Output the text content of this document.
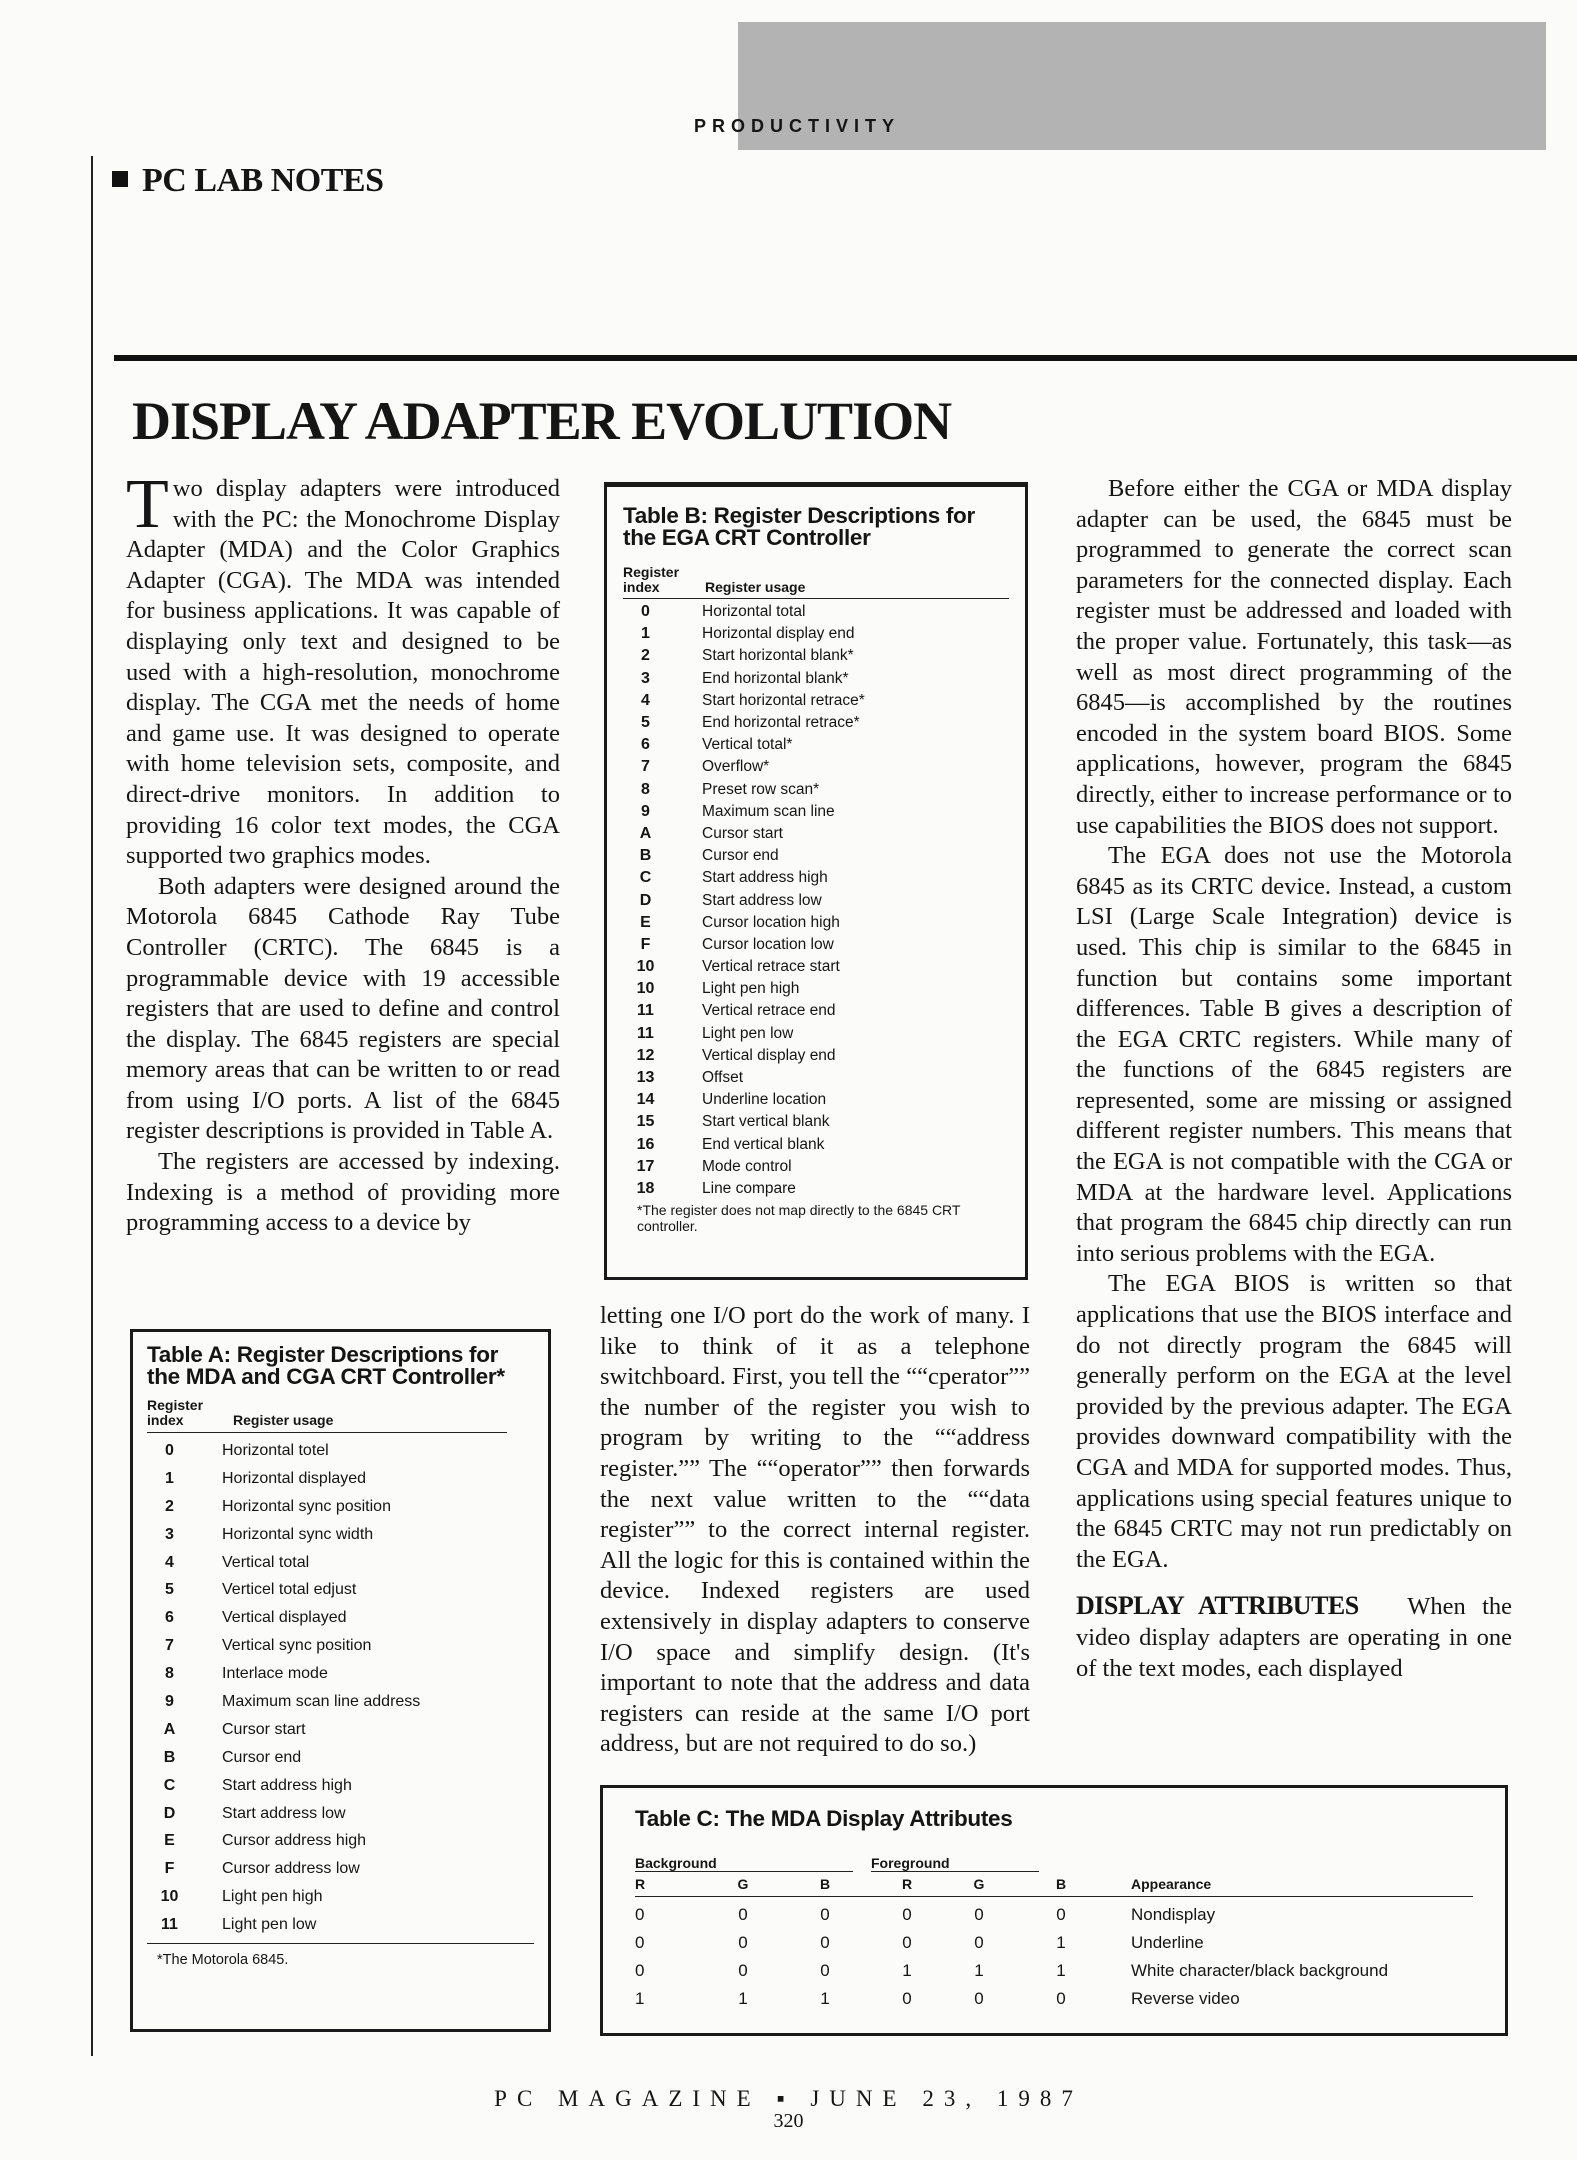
PRODUCTIVITY
PC LAB NOTES
DISPLAY ADAPTER EVOLUTION

Two display adapters were introduced with the PC: the Monochrome Display Adapter (MDA) and the Color Graphics Adapter (CGA). The MDA was intended for business applications. It was capable of displaying only text and designed to be used with a high-resolution, monochrome display. The CGA met the needs of home and game use. It was designed to operate with home television sets, composite, and direct-drive monitors. In addition to providing 16 color text modes, the CGA supported two graphics modes.

Both adapters were designed around the Motorola 6845 Cathode Ray Tube Controller (CRTC). The 6845 is a programmable device with 19 accessible registers that are used to define and control the display. The 6845 registers are special memory areas that can be written to or read from using I/O ports. A list of the 6845 register descriptions is provided in Table A.

The registers are accessed by indexing. Indexing is a method of providing more programming access to a device by

letting one I/O port do the work of many. I like to think of it as a telephone switchboard. First, you tell the ““cperator”” the number of the register you wish to program by writing to the ““address register.”” The ““operator”” then forwards the next value written to the ““data register”” to the correct internal register. All the logic for this is contained within the device. Indexed registers are used extensively in display adapters to conserve I/O space and simplify design. (It's important to note that the address and data registers can reside at the same I/O port address, but are not required to do so.)

Before either the CGA or MDA display adapter can be used, the 6845 must be programmed to generate the correct scan parameters for the connected display. Each register must be addressed and loaded with the proper value. Fortunately, this task—as well as most direct programming of the 6845—is accomplished by the routines encoded in the system board BIOS. Some applications, however, program the 6845 directly, either to increase performance or to use capabilities the BIOS does not support.

The EGA does not use the Motorola 6845 as its CRTC device. Instead, a custom LSI (Large Scale Integration) device is used. This chip is similar to the 6845 in function but contains some important differences. Table B gives a description of the EGA CRTC registers. While many of the functions of the 6845 registers are represented, some are missing or assigned different register numbers. This means that the EGA is not compatible with the CGA or MDA at the hardware level. Applications that program the 6845 chip directly can run into serious problems with the EGA.

The EGA BIOS is written so that applications that use the BIOS interface and do not directly program the 6845 will generally perform on the EGA at the level provided by the previous adapter. The EGA provides downward compatibility with the CGA and MDA for supported modes. Thus, applications using special features unique to the 6845 CRTC may not run predictably on the EGA.

DISPLAY ATTRIBUTES When the video display adapters are operating in one of the text modes, each displayed

Table A: Register Descriptions for the MDA and CGA CRT Controller*

Register index	Register usage
0	Horizontal totel
1	Horizontal displayed
2	Horizontal sync position
3	Horizontal sync width
4	Vertical total
5	Verticel total edjust
6	Vertical displayed
7	Vertical sync position
8	Interlace mode
9	Maximum scan line address
A	Cursor start
B	Cursor end
C	Start address high
D	Start address low
E	Cursor address high
F	Cursor address low
10	Light pen high
11	Light pen low
*The Motorola 6845.

Table B: Register Descriptions for the EGA CRT Controller

Register index	Register usage
0	Horizontal total
1	Horizontal display end
2	Start horizontal blank*
3	End horizontal blank*
4	Start horizontal retrace*
5	End horizontal retrace*
6	Vertical total*
7	Overflow*
8	Preset row scan*
9	Maximum scan line
A	Cursor start
B	Cursor end
C	Start address high
D	Start address low
E	Cursor location high
F	Cursor location low
10	Vertical retrace start
10	Light pen high
11	Vertical retrace end
11	Light pen low
12	Vertical display end
13	Offset
14	Underline location
15	Start vertical blank
16	End vertical blank
17	Mode control
18	Line compare
*The register does not map directly to the 6845 CRT controller.

Table C: The MDA Display Attributes

Background	Foreground
R	G	B	R	G	B	Appearance
0	0	0	0	0	0	Nondisplay
0	0	0	0	0	1	Underline
0	0	0	1	1	1	White character/black background
1	1	1	0	0	0	Reverse video
PC MAGAZINE ▪ JUNE 23, 1987
320
